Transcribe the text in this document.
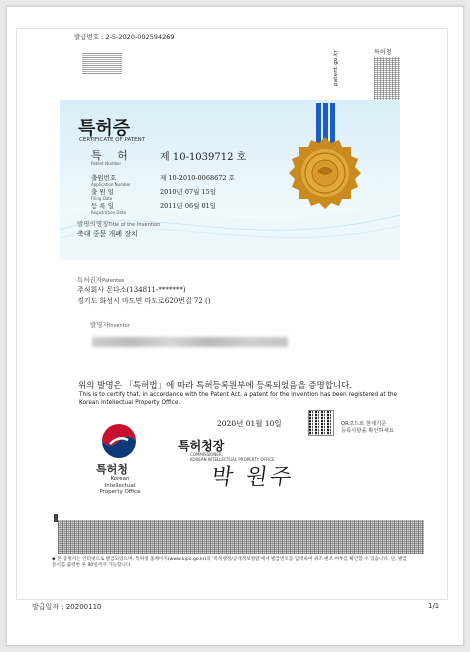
발급번호 : 2-5-2020-002594269
patent.go.kr	특허청
특허증
CERTIFICATE OF PATENT
특 허
Patent Number
제 10-1039712 호
출원번호
Application Number
제 10-2010-0068672 호
출 원 일
Filing Date
2010년 07월 15일
등 록 일
Registration Date
2011년 06월 01일
발명의명칭Title of the Invention
축대 중문 개폐 장치
특허권자Patentee
주식회사 몬다소(134811-*******)
경기도 화성시 마도면 마도로620번길 72 ()
발명자Inventor
위의 발명은 「특허법」에 따라 특허등록원부에 등록되었음을 증명합니다.
This is to certify that, in accordance with the Patent Act, a patent for the invention has been registered at the Korean Intellectual Property Office.
2020년 01월 10일	QR코드로 현재기준
등록사항을 확인하세요
특허청
Korean Intellectual Property Office
특허청장
COMMISSIONER,
KOREAN INTELLECTUAL PROPERTY OFFICE
박 원주
◆ 본 증명서는 인터넷으로 발급되었으며, 특허청 홈페이지(www.kipo.go.kr)의 '특허행정/공개정보열람'에서 발급번호를 입력하여 위조·변조 여부를 확인할 수 있습니다. 단, 발급문서를 출력한 후 90일까지 가능합니다.
발급일자 : 20200110	1/1
